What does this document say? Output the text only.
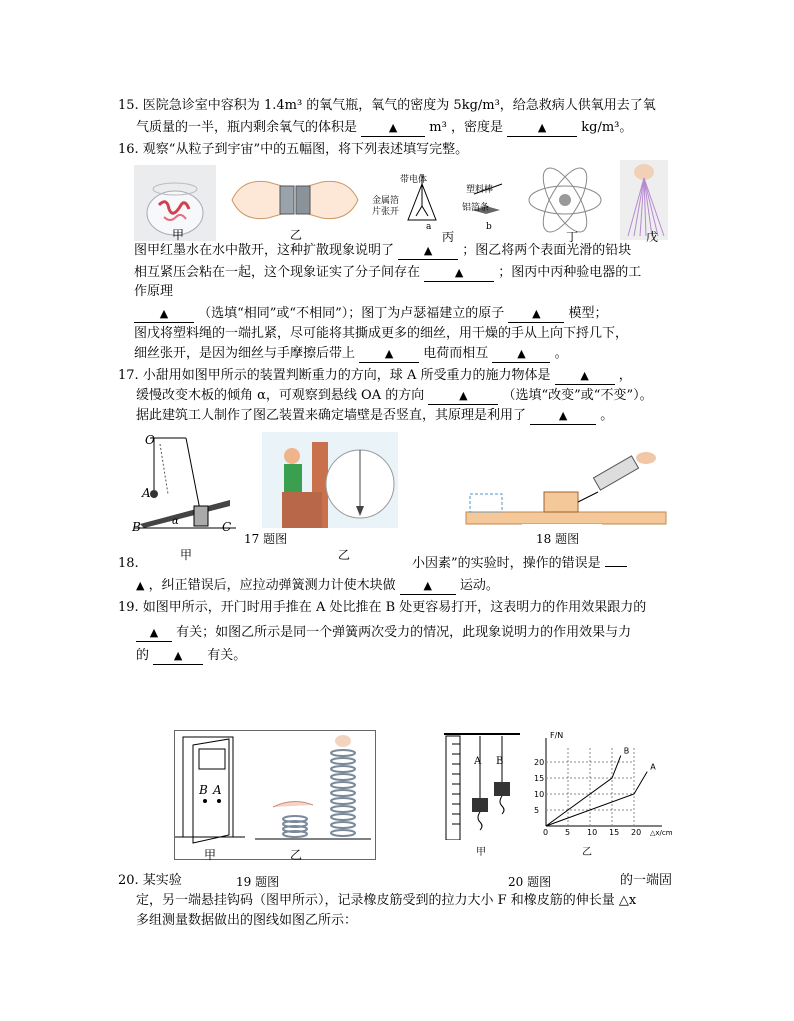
15. 医院急诊室中容积为 1.4m³ 的氧气瓶，氧气的密度为 5kg/m³，给急救病人供氧用去了氧
气质量的一半，瓶内剩余氧气的体积是	▲ m³ ，密度是	▲	kg/m³。
16. 观察“从粒子到宇宙”中的五幅图，将下列表述填写完整。
甲	乙
带电体
金属箔片张开
塑料棒
铝箔条
a	b
丙	丁	戊
图甲红墨水在水中散开，这种扩散现象说明了	▲ ；图乙将两个表面光滑的铅块
相互紧压会粘在一起，这个现象证实了分子间存在	▲	；图丙中丙种验电器的工
作原理
▲ （选填“相同”或“不相同”）；图丁为卢瑟福建立的原子	▲ 模型；
图戊将塑料绳的一端扎紧，尽可能将其撕成更多的细丝，用干燥的手从上向下捋几下，
细丝张开，是因为细丝与手摩擦后带上	▲ 电荷而相互	▲ 。
17. 小甜用如图甲所示的装置判断重力的方向，球 A 所受重力的施力物体是	▲ ，
缓慢改变木板的倾角 α，可观察到悬线 OA 的方向	▲	（选填“改变”或“不变”）。
据此建筑工人制作了图乙装置来确定墙壁是否竖直，其原理是利用了	▲	。
O
A
B	C
α
甲
17 题图
乙
18 题图
18.	小因素”的实验时，操作的错误是
▲ ，纠正错误后，应拉动弹簧测力计使木块做	▲ 运动。
19. 如图甲所示，开门时用手推在 A 处比推在 B 处更容易打开，这表明力的作用效果跟力的
▲ 有关；如图乙所示是同一个弹簧两次受力的情况，此现象说明力的作用效果与力
的 ▲ 有关。
B A
甲	乙
19 题图
A B
甲
F/N
△x/cm
0 5 10 15 20
5
10
15
20
B
A
乙
20 题图
20. 某实验	的一端固
定，另一端悬挂钩码（图甲所示），记录橡皮筋受到的拉力大小 F 和橡皮筋的伸长量 △x
多组测量数据做出的图线如图乙所示：
